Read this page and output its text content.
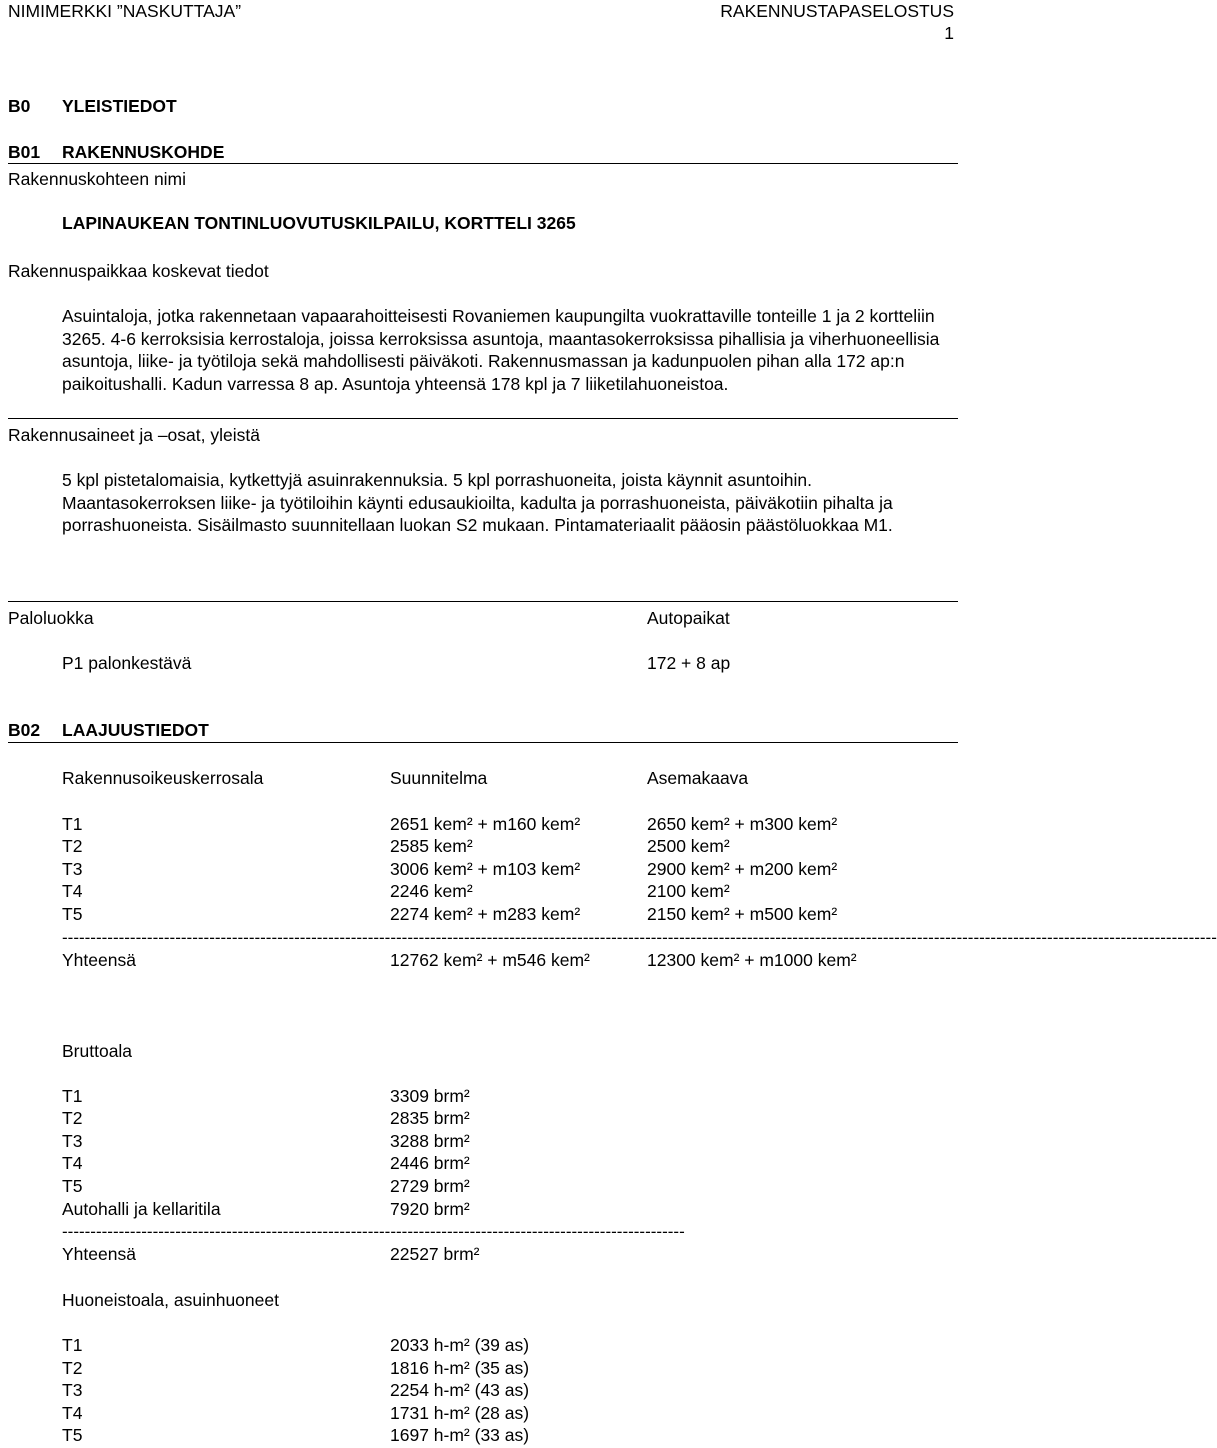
NIMIMERKKI ”NASKUTTAJA”	RAKENNUSTAPASELOSTUS
1
B0 YLEISTIEDOT
B01 RAKENNUSKOHDE
Rakennuskohteen nimi
LAPINAUKEAN TONTINLUOVUTUSKILPAILU, KORTTELI 3265
Rakennuspaikkaa koskevat tiedot
Asuintaloja, jotka rakennetaan vapaarahoitteisesti Rovaniemen kaupungilta vuokrattaville tonteille 1 ja 2 kortteliin 3265. 4-6 kerroksisia kerrostaloja, joissa kerroksissa asuntoja, maantasokerroksissa pihallisia ja viherhuoneellisia asuntoja, liike- ja työtiloja sekä mahdollisesti päiväkoti. Rakennusmassan ja kadunpuolen pihan alla 172 ap:n paikoitushalli. Kadun varressa 8 ap. Asuntoja yhteensä 178 kpl ja 7 liiketilahuoneistoa.
Rakennusaineet ja –osat, yleistä
5 kpl pistetalomaisia, kytkettyjä asuinrakennuksia. 5 kpl porrashuoneita, joista käynnit asuntoihin. Maantasokerroksen liike- ja työtiloihin käynti edusaukioilta, kadulta ja porrashuoneista, päiväkotiin pihalta ja porrashuoneista. Sisäilmasto suunnitellaan luokan S2 mukaan. Pintamateriaalit pääosin päästöluokkaa M1.
Paloluokka	Autopaikat
P1 palonkestävä	172 + 8 ap
B02 LAAJUUSTIEDOT
Rakennusoikeuskerrosala	Suunnitelma	Asemakaava
T1	2651 kem² + m160 kem²	2650 kem² + m300 kem²
T2	2585 kem²	2500 kem²
T3	3006 kem² + m103 kem²	2900 kem² + m200 kem²
T4	2246 kem²	2100 kem²
T5	2274 kem² + m283 kem²	2150 kem² + m500 kem²
------------------------------------------------------------------------------------------------------------------------------------------------------------------------------------------------------------
Yhteensä	12762 kem² + m546 kem²	12300 kem² + m1000 kem²
Bruttoala
T1	3309 brm²
T2	2835 brm²
T3	3288 brm²
T4	2446 brm²
T5	2729 brm²
Autohalli ja kellaritila	7920 brm²
--------------------------------------------------------------------------------------------------------------
Yhteensä	22527 brm²
Huoneistoala, asuinhuoneet
T1	2033 h-m² (39 as)
T2	1816 h-m² (35 as)
T3	2254 h-m² (43 as)
T4	1731 h-m² (28 as)
T5	1697 h-m² (33 as)
